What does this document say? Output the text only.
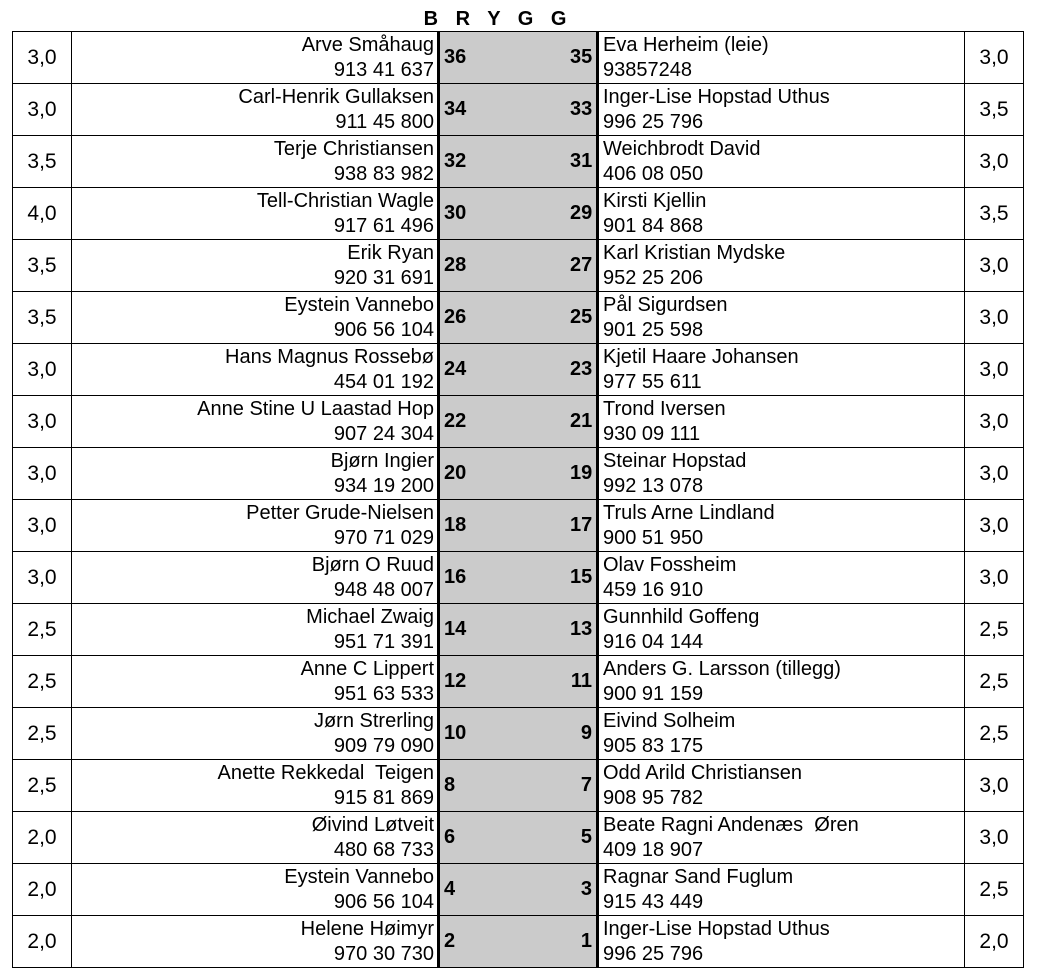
B R Y G G
3,0	Arve Småhaug
913 41 637	36		35	Eva Herheim (leie)
93857248	3,0
3,0	Carl-Henrik Gullaksen
911 45 800	34		33	Inger-Lise Hopstad Uthus
996 25 796	3,5
3,5	Terje Christiansen
938 83 982	32		31	Weichbrodt David
406 08 050	3,0
4,0	Tell-Christian Wagle
917 61 496	30		29	Kirsti Kjellin
901 84 868	3,5
3,5	Erik Ryan
920 31 691	28		27	Karl Kristian Mydske
952 25 206	3,0
3,5	Eystein Vannebo
906 56 104	26		25	Pål Sigurdsen
901 25 598	3,0
3,0	Hans Magnus Rossebø
454 01 192	24		23	Kjetil Haare Johansen
977 55 611	3,0
3,0	Anne Stine U Laastad Hop
907 24 304	22		21	Trond Iversen
930 09 111	3,0
3,0	Bjørn Ingier
934 19 200	20		19	Steinar Hopstad
992 13 078	3,0
3,0	Petter Grude-Nielsen
970 71 029	18		17	Truls Arne Lindland
900 51 950	3,0
3,0	Bjørn O Ruud
948 48 007	16		15	Olav Fossheim
459 16 910	3,0
2,5	Michael Zwaig
951 71 391	14		13	Gunnhild Goffeng
916 04 144	2,5
2,5	Anne C Lippert
951 63 533	12		11	Anders G. Larsson (tillegg)
900 91 159	2,5
2,5	Jørn Strerling
909 79 090	10		9	Eivind Solheim
905 83 175	2,5
2,5	Anette Rekkedal  Teigen
915 81 869	8		7	Odd Arild Christiansen
908 95 782	3,0
2,0	Øivind Løtveit
480 68 733	6		5	Beate Ragni Andenæs  Øren
409 18 907	3,0
2,0	Eystein Vannebo
906 56 104	4		3	Ragnar Sand Fuglum
915 43 449	2,5
2,0	Helene Høimyr
970 30 730	2		1	Inger-Lise Hopstad Uthus
996 25 796	2,0
